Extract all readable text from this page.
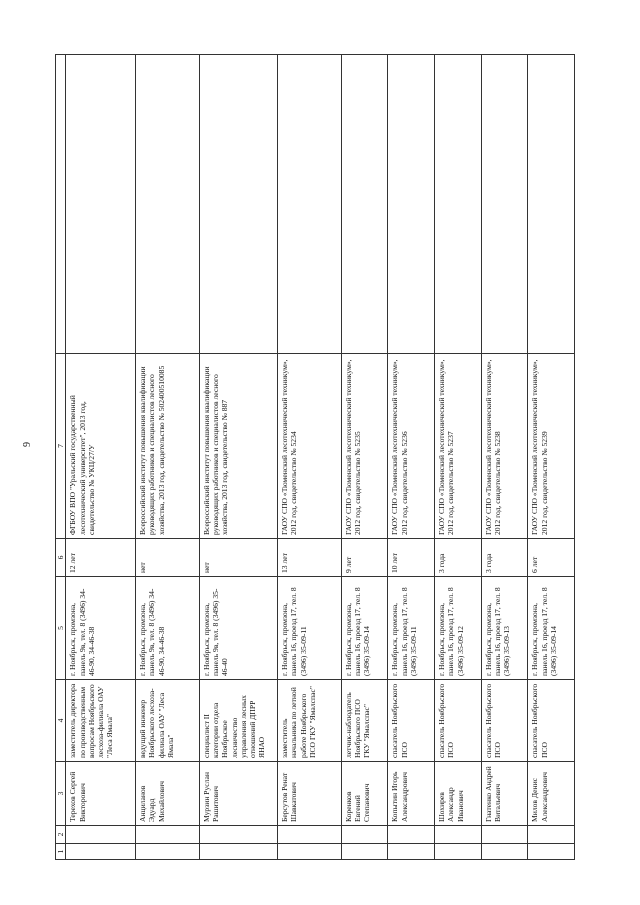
9
1	2	3	4	5	6	7	
		Терехов Сергей Викторович	заместитель директора по производственным вопросам Ноябрьского лесхоза-филиала ОАУ "Леса Ямала"	г. Ноябрьск, промзона, панель 9в, тел. 8 (3496) 34-46-90, 34-46-38	12 лет	ФГБОУ ВПО "Уральский государственный лесотехнический университет", 2013 год, свидетельство № УКЦ/27/У	
		Анциланов Эдуард Михайлович	ведущий инженер Ноябрьского лесхоза-филиала ОАУ "Леса Ямала"	г. Ноябрьск, промзона, панель 9в, тел. 8 (3496) 34-46-90, 34-46-38	нет	Всероссийский институт повышения квалификации руководящих работников и специалистов лесного хозяйства, 2013 год, свидетельство № 502400510085	
		Мурзин Руслан Рашитович	специалист II категории отдела Ноябрьское лесничество управления лесных отношений ДПРР ЯНАО	г. Ноябрьск, промзона, панель 9в, тел. 8 (3496) 35-46-40	нет	Всероссийский институт повышения квалификации руководящих работников и специалистов лесного хозяйства, 2013 год, свидетельство № 887	
		Берсутов Ренат Шавкатович	заместитель начальника по летной работе Ноябрьского ПСО ГКУ "Ямалспас"	г. Ноябрьск, промзона, панель 16, проезд 17, тел. 8 (3496) 35-09-11	13 лет	ГАОУ СПО «Тюменский лесотехнический техникум», 2012 год, свидетельство № 5234	
		Коренков Евгений Степанович	летчик-наблюдатель Ноябрьского ПСО ГКУ "Ямалспас"	г. Ноябрьск, промзона, панель 16, проезд 17, тел. 8 (3496) 35-09-14	9 лет	ГАОУ СПО «Тюменский лесотехнический техникум», 2012 год, свидетельство № 5235	
		Копытин Игорь Александрович	спасатель Ноябрьского ПСО	г. Ноябрьск, промзона, панель 16, проезд 17, тел. 8 (3496) 35-09-11	10 лет	ГАОУ СПО «Тюменский лесотехнический техникум», 2012 год, свидетельство № 5236	
		Шохирев Александр Иванович	спасатель Ноябрьского ПСО	г. Ноябрьск, промзона, панель 16, проезд 17, тел. 8 (3496) 35-09-12	3 года	ГАОУ СПО «Тюменский лесотехнический техникум», 2012 год, свидетельство № 5237	
		Гнатенко Андрей Витальевич	спасатель Ноябрьского ПСО	г. Ноябрьск, промзона, панель 16, проезд 17, тел. 8 (3496) 35-09-13	3 года	ГАОУ СПО «Тюменский лесотехнический техникум», 2012 год, свидетельство № 5238	
		Милов Денис Александрович	спасатель Ноябрьского ПСО	г. Ноябрьск, промзона, панель 16, проезд 17, тел. 8 (3496) 35-09-14	6 лет	ГАОУ СПО «Тюменский лесотехнический техникум», 2012 год, свидетельство № 5239	
